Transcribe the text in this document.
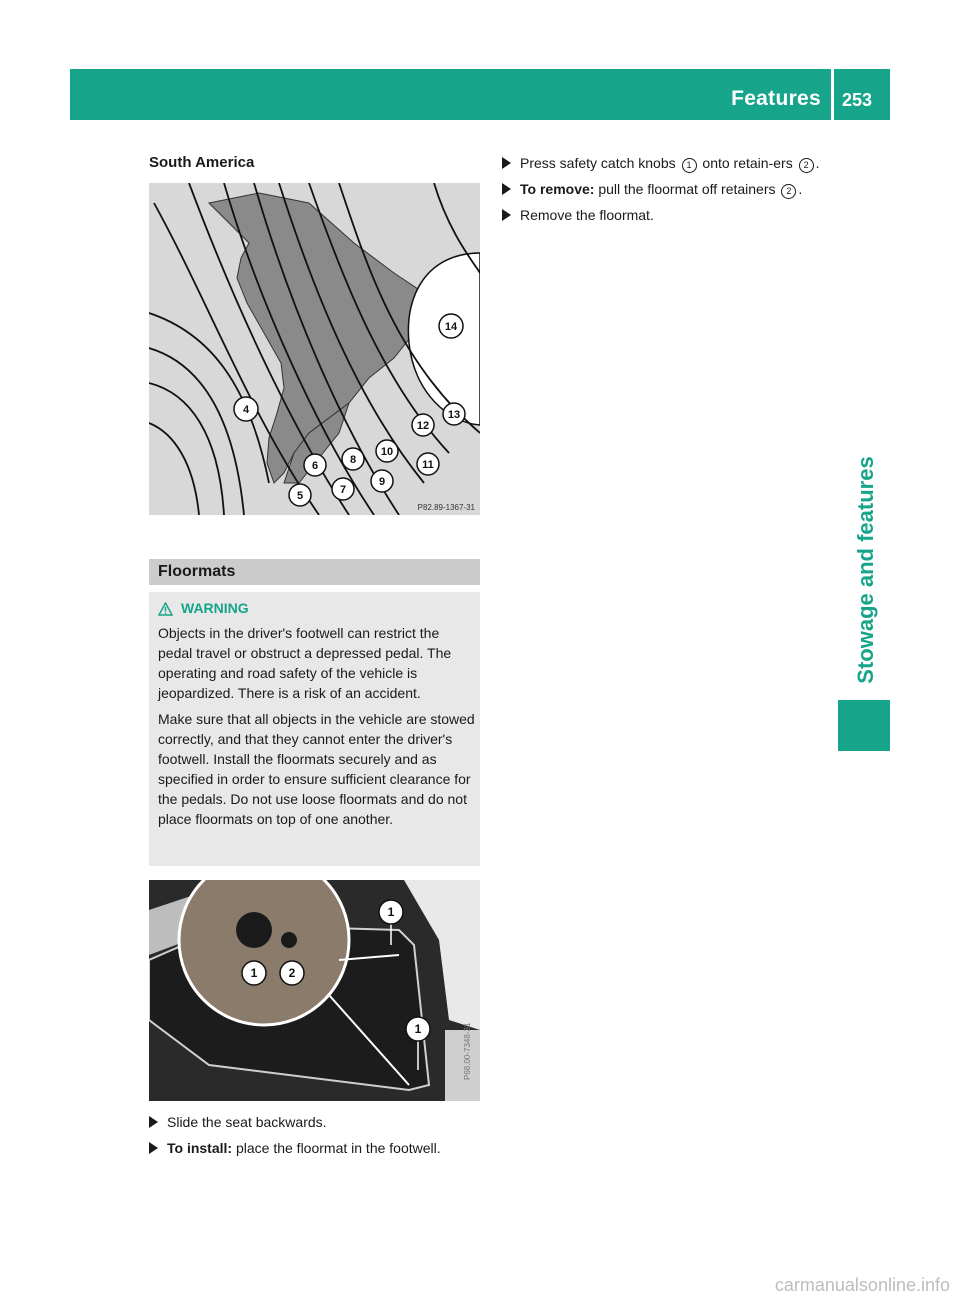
Features 253
Stowage and features
South America
14
13
12
11
10
9
8
7
6
5
4
P82.89-1367-31
Floormats
WARNING

Objects in the driver's footwell can restrict the pedal travel or obstruct a depressed pedal. The operating and road safety of the vehicle is jeopardized. There is a risk of an accident.

Make sure that all objects in the vehicle are stowed correctly, and that they cannot enter the driver's footwell. Install the floormats securely and as specified in order to ensure sufficient clearance for the pedals. Do not use loose floormats and do not place floormats on top of one another.

1
1	2
1	P68.00-7348-31
Slide the seat backwards.
To install: place the floormat in the footwell.
Press safety catch knobs 1 onto retain-ers 2 .
To remove: pull the floormat off retainers 2 .
Remove the floormat.
carmanualsonline.info
